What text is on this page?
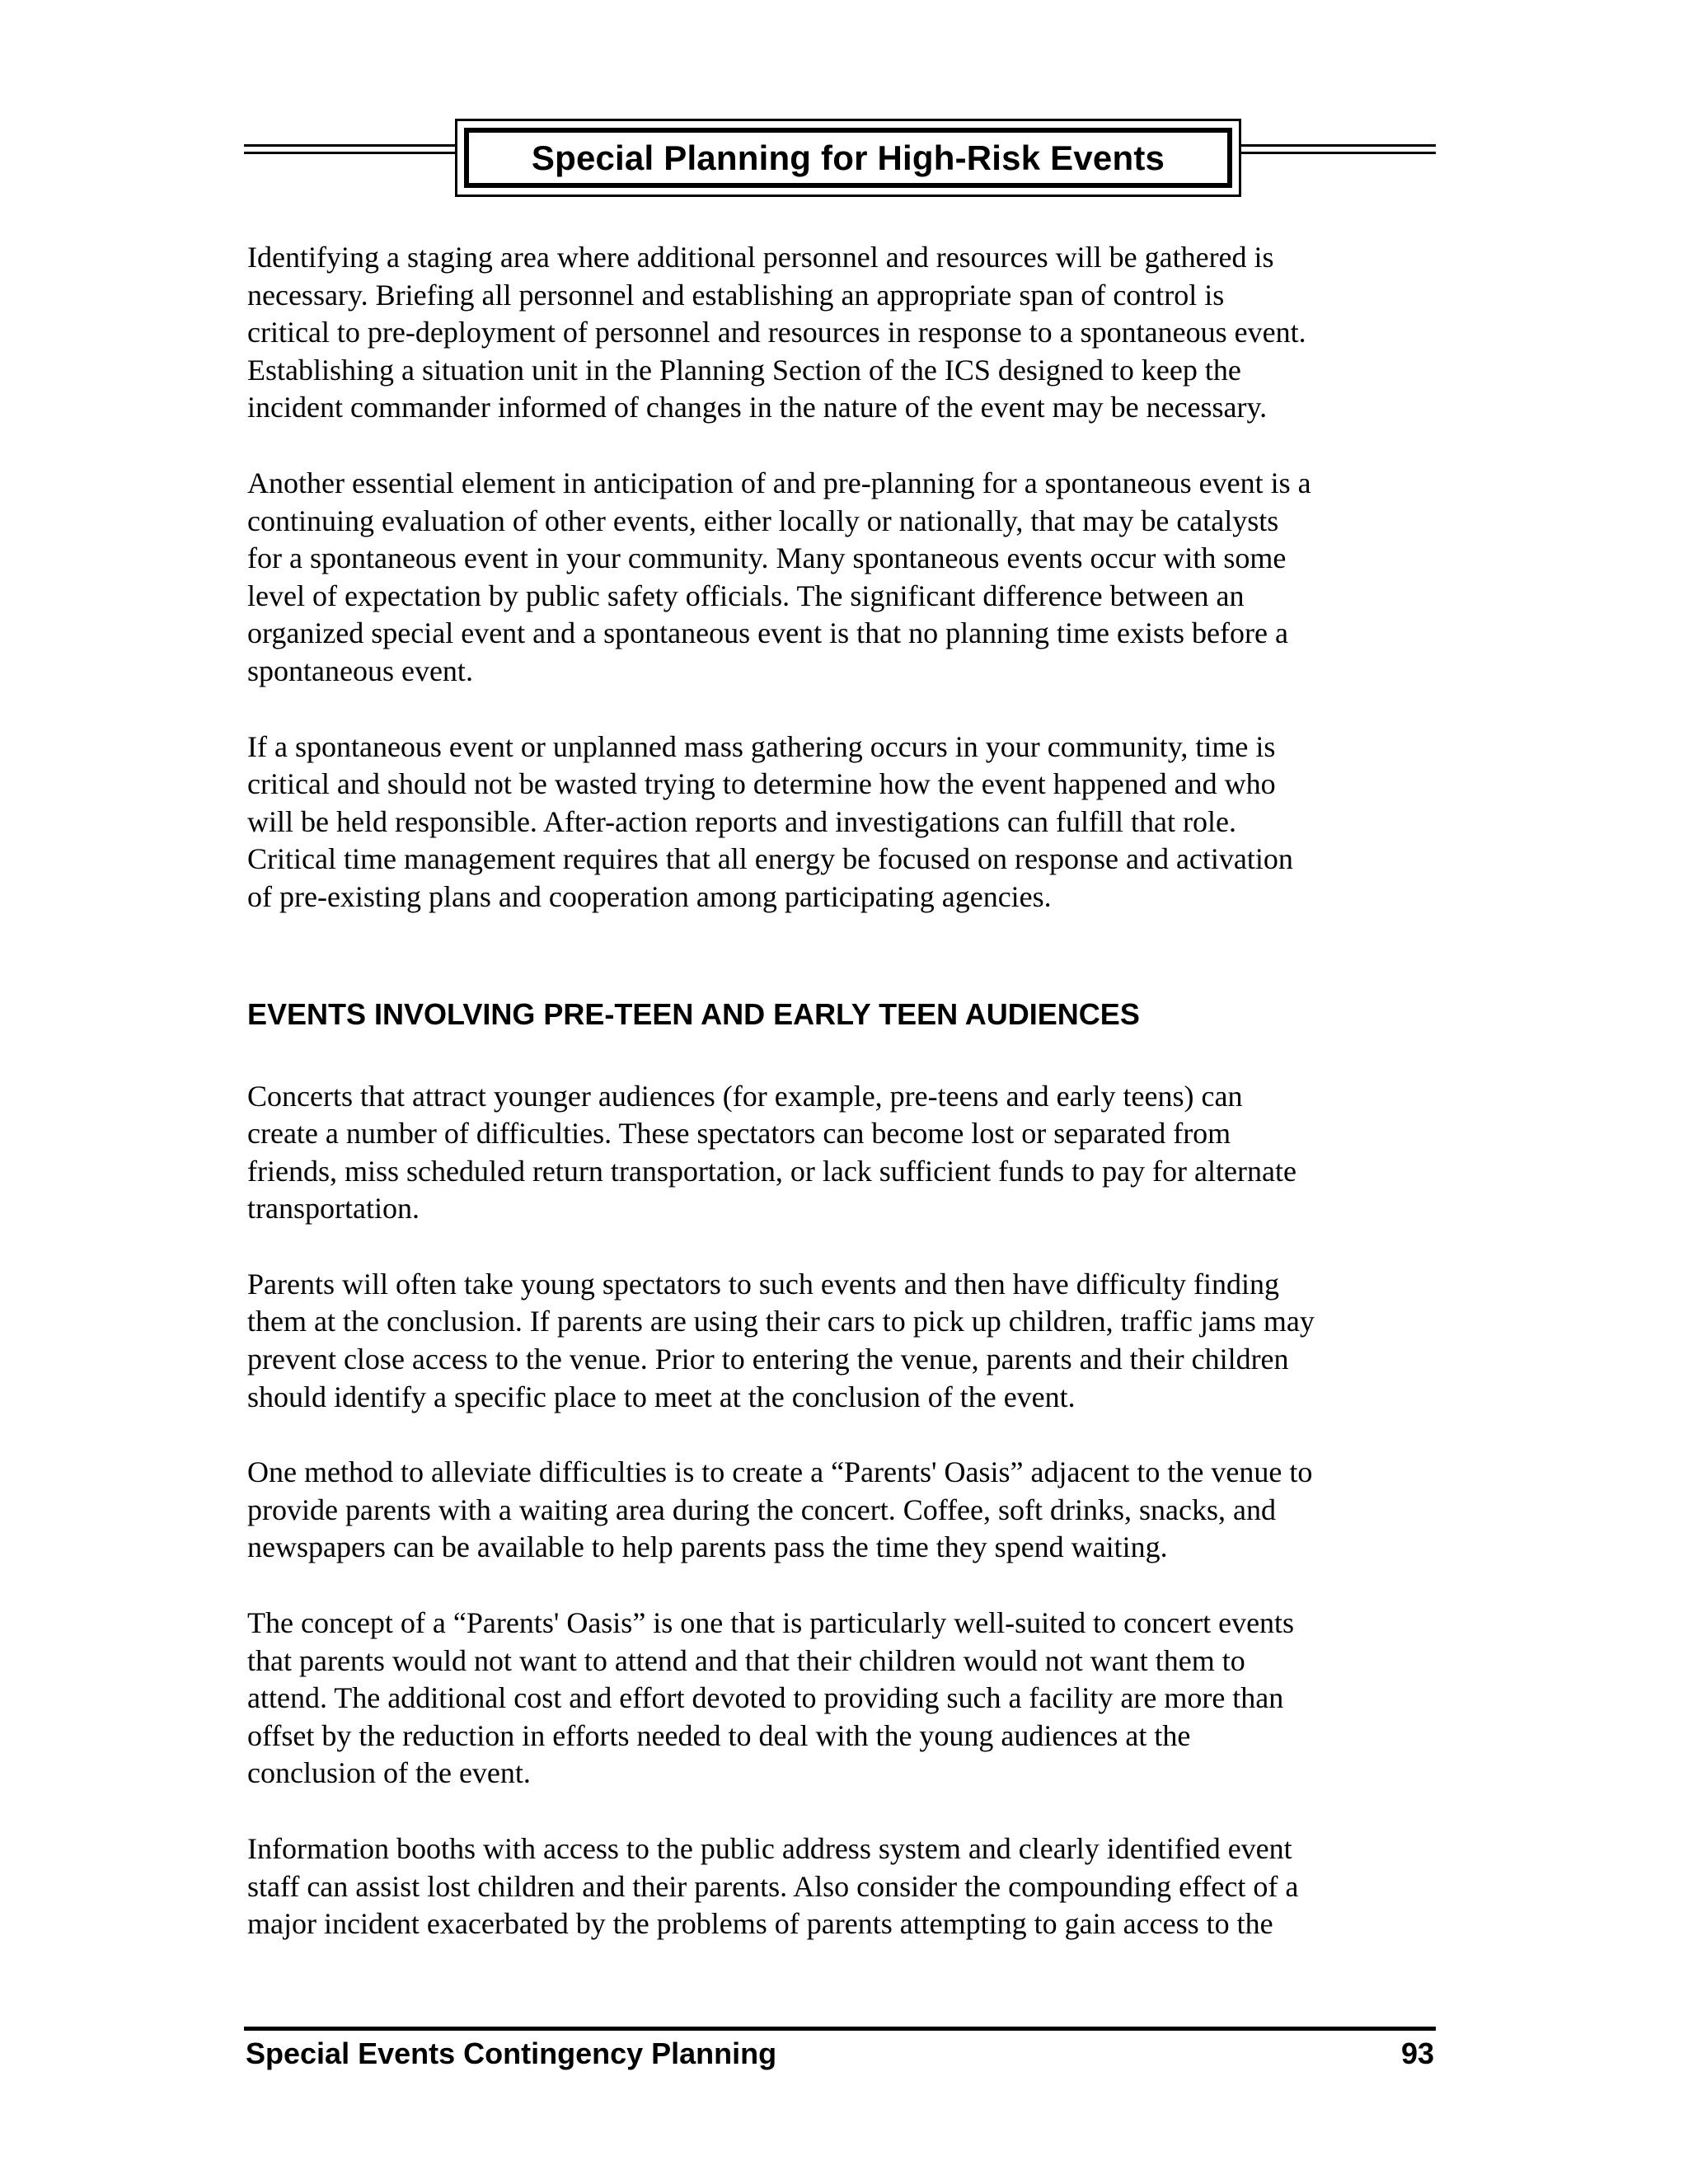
Special Planning for High-Risk Events

Identifying a staging area where additional personnel and resources will be gathered is
necessary. Briefing all personnel and establishing an appropriate span of control is
critical to pre-deployment of personnel and resources in response to a spontaneous event.
Establishing a situation unit in the Planning Section of the ICS designed to keep the
incident commander informed of changes in the nature of the event may be necessary.

Another essential element in anticipation of and pre-planning for a spontaneous event is a
continuing evaluation of other events, either locally or nationally, that may be catalysts
for a spontaneous event in your community. Many spontaneous events occur with some
level of expectation by public safety officials. The significant difference between an
organized special event and a spontaneous event is that no planning time exists before a
spontaneous event.

If a spontaneous event or unplanned mass gathering occurs in your community, time is
critical and should not be wasted trying to determine how the event happened and who
will be held responsible. After-action reports and investigations can fulfill that role.
Critical time management requires that all energy be focused on response and activation
of pre-existing plans and cooperation among participating agencies.

EVENTS INVOLVING PRE-TEEN AND EARLY TEEN AUDIENCES

Concerts that attract younger audiences (for example, pre-teens and early teens) can
create a number of difficulties. These spectators can become lost or separated from
friends, miss scheduled return transportation, or lack sufficient funds to pay for alternate
transportation.

Parents will often take young spectators to such events and then have difficulty finding
them at the conclusion. If parents are using their cars to pick up children, traffic jams may
prevent close access to the venue. Prior to entering the venue, parents and their children
should identify a specific place to meet at the conclusion of the event.

One method to alleviate difficulties is to create a “Parents' Oasis” adjacent to the venue to
provide parents with a waiting area during the concert. Coffee, soft drinks, snacks, and
newspapers can be available to help parents pass the time they spend waiting.

The concept of a “Parents' Oasis” is one that is particularly well-suited to concert events
that parents would not want to attend and that their children would not want them to
attend. The additional cost and effort devoted to providing such a facility are more than
offset by the reduction in efforts needed to deal with the young audiences at the
conclusion of the event.

Information booths with access to the public address system and clearly identified event
staff can assist lost children and their parents. Also consider the compounding effect of a
major incident exacerbated by the problems of parents attempting to gain access to the

Special Events Contingency Planning	93
